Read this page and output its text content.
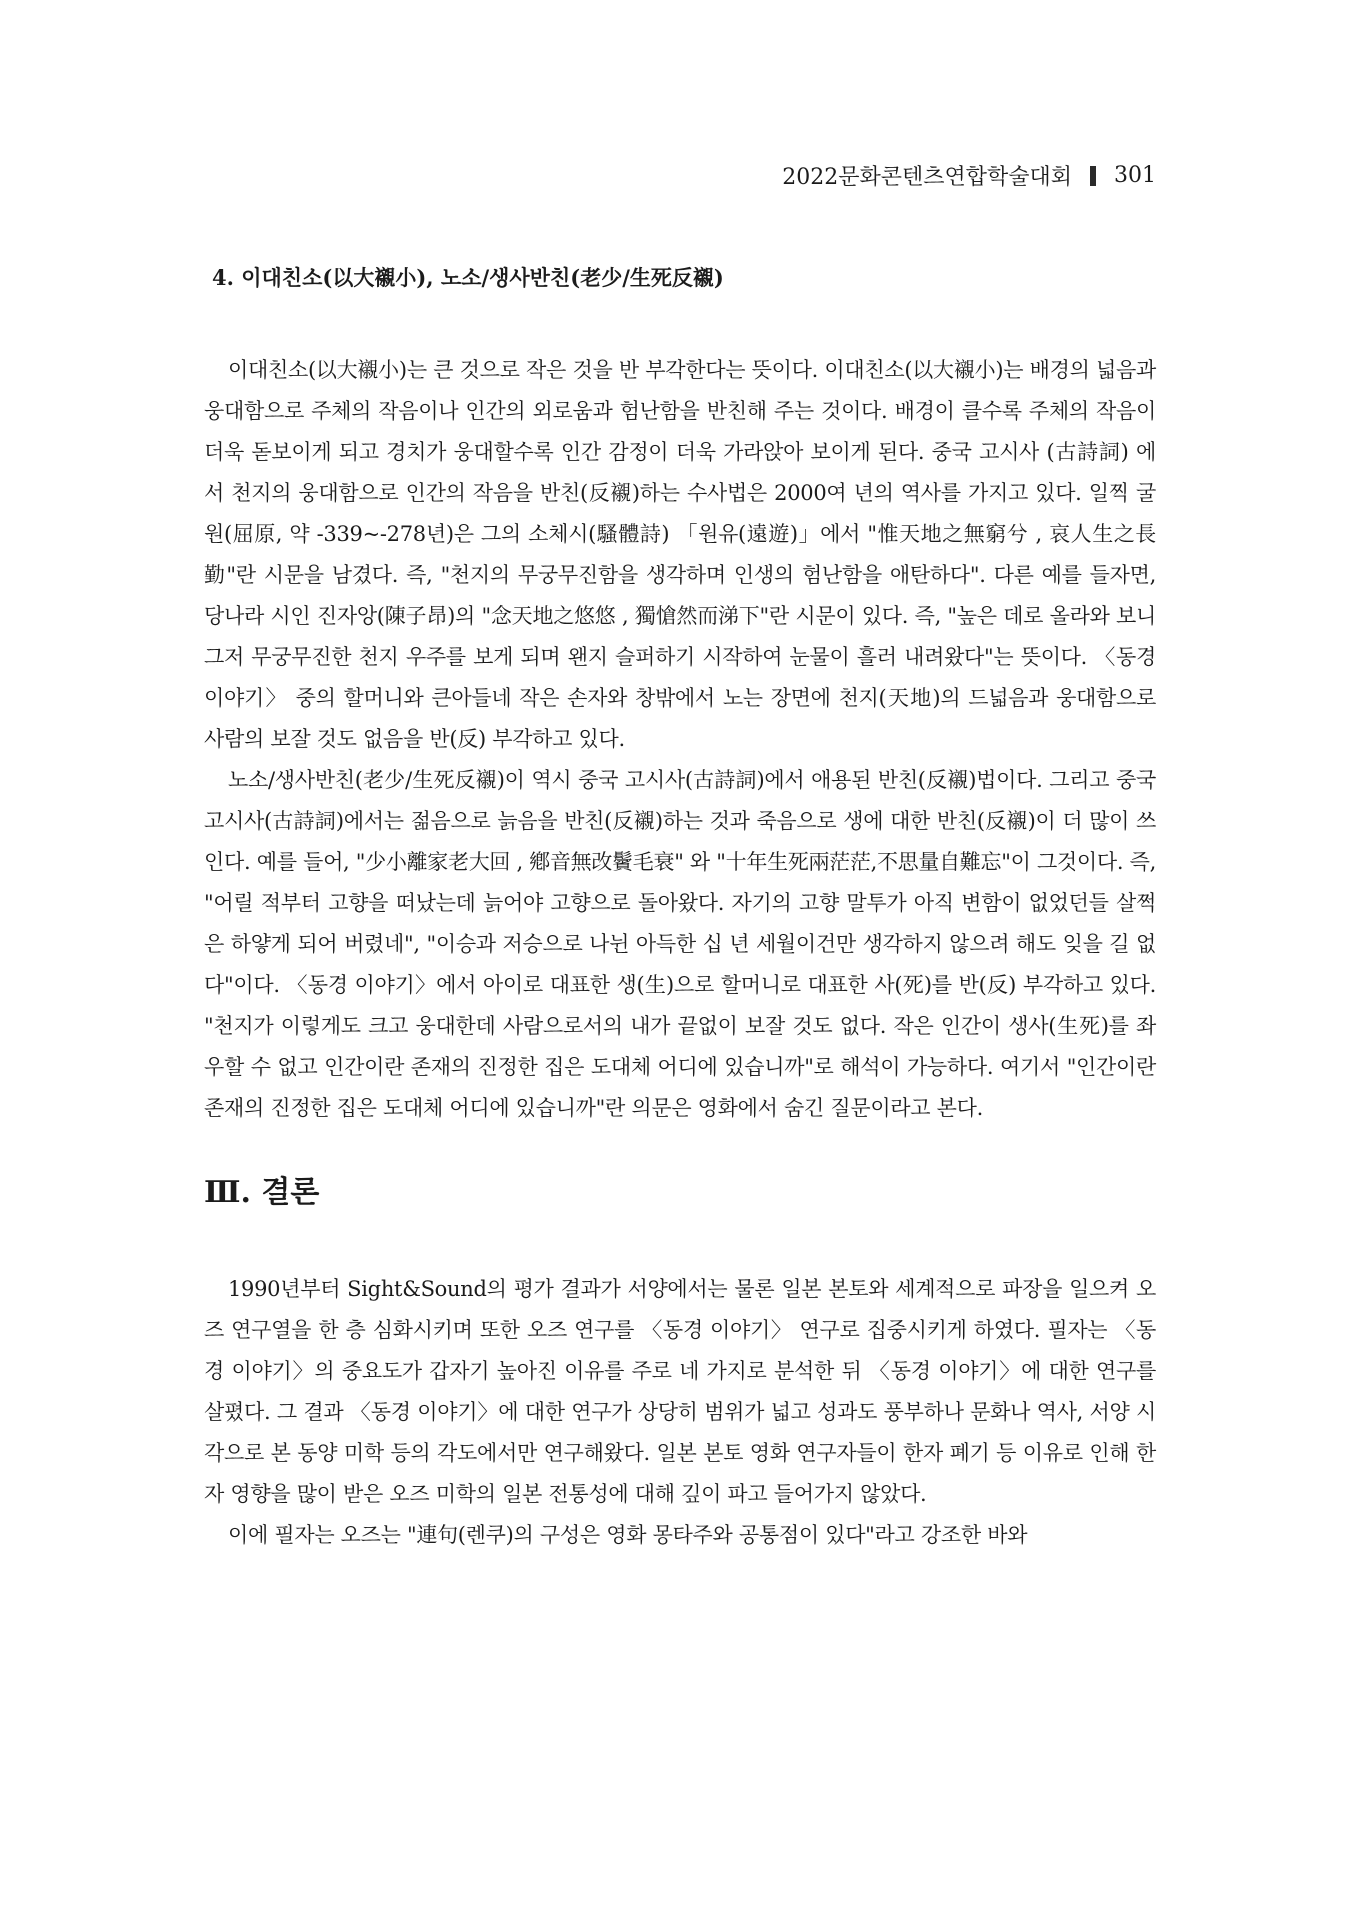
2022문화콘텐츠연합학술대회 301
4. 이대친소(以大襯小), 노소/생사반친(老少/生死反襯)

이대친소(以大襯小)는 큰 것으로 작은 것을 반 부각한다는 뜻이다. 이대친소(以大襯小)는 배경의 넓음과 웅대함으로 주체의 작음이나 인간의 외로움과 험난함을 반친해 주는 것이다. 배경이 클수록 주체의 작음이 더욱 돋보이게 되고 경치가 웅대할수록 인간 감정이 더욱 가라앉아 보이게 된다. 중국 고시사 (古詩詞) 에서 천지의 웅대함으로 인간의 작음을 반친(反襯)하는 수사법은 2000여 년의 역사를 가지고 있다. 일찍 굴원(屈原, 약 -339~-278년)은 그의 소체시(騷體詩) 「원유(遠遊)」에서 "惟天地之無窮兮 , 哀人生之長勤"란 시문을 남겼다. 즉, "천지의 무궁무진함을 생각하며 인생의 험난함을 애탄하다". 다른 예를 들자면, 당나라 시인 진자앙(陳子昂)의 "念天地之悠悠 , 獨愴然而涕下"란 시문이 있다. 즉, "높은 데로 올라와 보니 그저 무궁무진한 천지 우주를 보게 되며 왠지 슬퍼하기 시작하여 눈물이 흘러 내려왔다"는 뜻이다. 〈동경 이야기〉 중의 할머니와 큰아들네 작은 손자와 창밖에서 노는 장면에 천지(天地)의 드넓음과 웅대함으로 사람의 보잘 것도 없음을 반(反) 부각하고 있다.

노소/생사반친(老少/生死反襯)이 역시 중국 고시사(古詩詞)에서 애용된 반친(反襯)법이다. 그리고 중국 고시사(古詩詞)에서는 젊음으로 늙음을 반친(反襯)하는 것과 죽음으로 생에 대한 반친(反襯)이 더 많이 쓰인다. 예를 들어, "少小離家老大回 , 鄕音無改鬢毛衰" 와 "十年生死兩茫茫,不思量自難忘"이 그것이다. 즉, "어릴 적부터 고향을 떠났는데 늙어야 고향으로 돌아왔다. 자기의 고향 말투가 아직 변함이 없었던들 살쩍은 하얗게 되어 버렸네", "이승과 저승으로 나뉜 아득한 십 년 세월이건만 생각하지 않으려 해도 잊을 길 없다"이다. 〈동경 이야기〉에서 아이로 대표한 생(生)으로 할머니로 대표한 사(死)를 반(反) 부각하고 있다. "천지가 이렇게도 크고 웅대한데 사람으로서의 내가 끝없이 보잘 것도 없다. 작은 인간이 생사(生死)를 좌우할 수 없고 인간이란 존재의 진정한 집은 도대체 어디에 있습니까"로 해석이 가능하다. 여기서 "인간이란 존재의 진정한 집은 도대체 어디에 있습니까"란 의문은 영화에서 숨긴 질문이라고 본다.

Ⅲ. 결론

1990년부터 Sight&Sound의 평가 결과가 서양에서는 물론 일본 본토와 세계적으로 파장을 일으켜 오즈 연구열을 한 층 심화시키며 또한 오즈 연구를 〈동경 이야기〉 연구로 집중시키게 하였다. 필자는 〈동경 이야기〉의 중요도가 갑자기 높아진 이유를 주로 네 가지로 분석한 뒤 〈동경 이야기〉에 대한 연구를 살폈다. 그 결과 〈동경 이야기〉에 대한 연구가 상당히 범위가 넓고 성과도 풍부하나 문화나 역사, 서양 시각으로 본 동양 미학 등의 각도에서만 연구해왔다. 일본 본토 영화 연구자들이 한자 폐기 등 이유로 인해 한자 영향을 많이 받은 오즈 미학의 일본 전통성에 대해 깊이 파고 들어가지 않았다.

이에 필자는 오즈는 "連句(렌쿠)의 구성은 영화 몽타주와 공통점이 있다"라고 강조한 바와
